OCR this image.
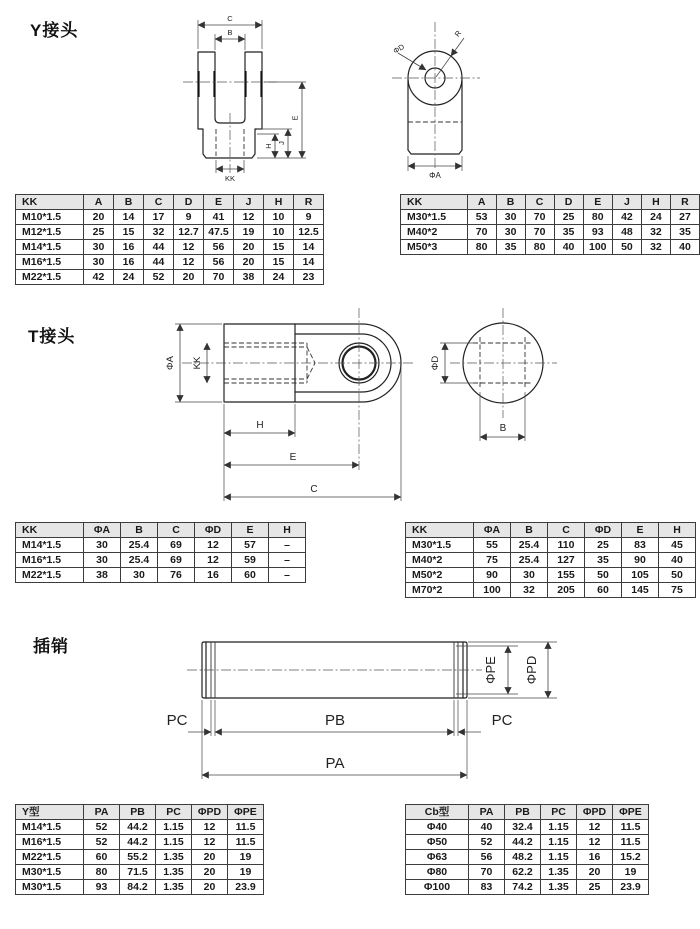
Y接头
C
B
E
J
H
KK
ΦD
R
ΦA
KK	A	B	C	D	E	J	H	R
M10*1.5	20	14	17	9	41	12	10	9
M12*1.5	25	15	32	12.7	47.5	19	10	12.5
M14*1.5	30	16	44	12	56	20	15	14
M16*1.5	30	16	44	12	56	20	15	14
M22*1.5	42	24	52	20	70	38	24	23
KK	A	B	C	D	E	J	H	R
M30*1.5	53	30	70	25	80	42	24	27
M40*2	70	30	70	35	93	48	32	35
M50*3	80	35	80	40	100	50	32	40
T接头
ΦA KK
H
E
C
ΦD
B
KK	ΦA	B	C	ΦD	E	H
M14*1.5	30	25.4	69	12	57	–
M16*1.5	30	25.4	69	12	59	–
M22*1.5	38	30	76	16	60	–
KK	ΦA	B	C	ΦD	E	H
M30*1.5	55	25.4	110	25	83	45
M40*2	75	25.4	127	35	90	40
M50*2	90	30	155	50	105	50
M70*2	100	32	205	60	145	75
插销
PC	PB	PC
PA
ΦPE ΦPD
Y型	PA	PB	PC	ΦPD	ΦPE
M14*1.5	52	44.2	1.15	12	11.5
M16*1.5	52	44.2	1.15	12	11.5
M22*1.5	60	55.2	1.35	20	19
M30*1.5	80	71.5	1.35	20	19
M30*1.5	93	84.2	1.35	20	23.9
Cb型	PA	PB	PC	ΦPD	ΦPE
Φ40	40	32.4	1.15	12	11.5
Φ50	52	44.2	1.15	12	11.5
Φ63	56	48.2	1.15	16	15.2
Φ80	70	62.2	1.35	20	19
Φ100	83	74.2	1.35	25	23.9
